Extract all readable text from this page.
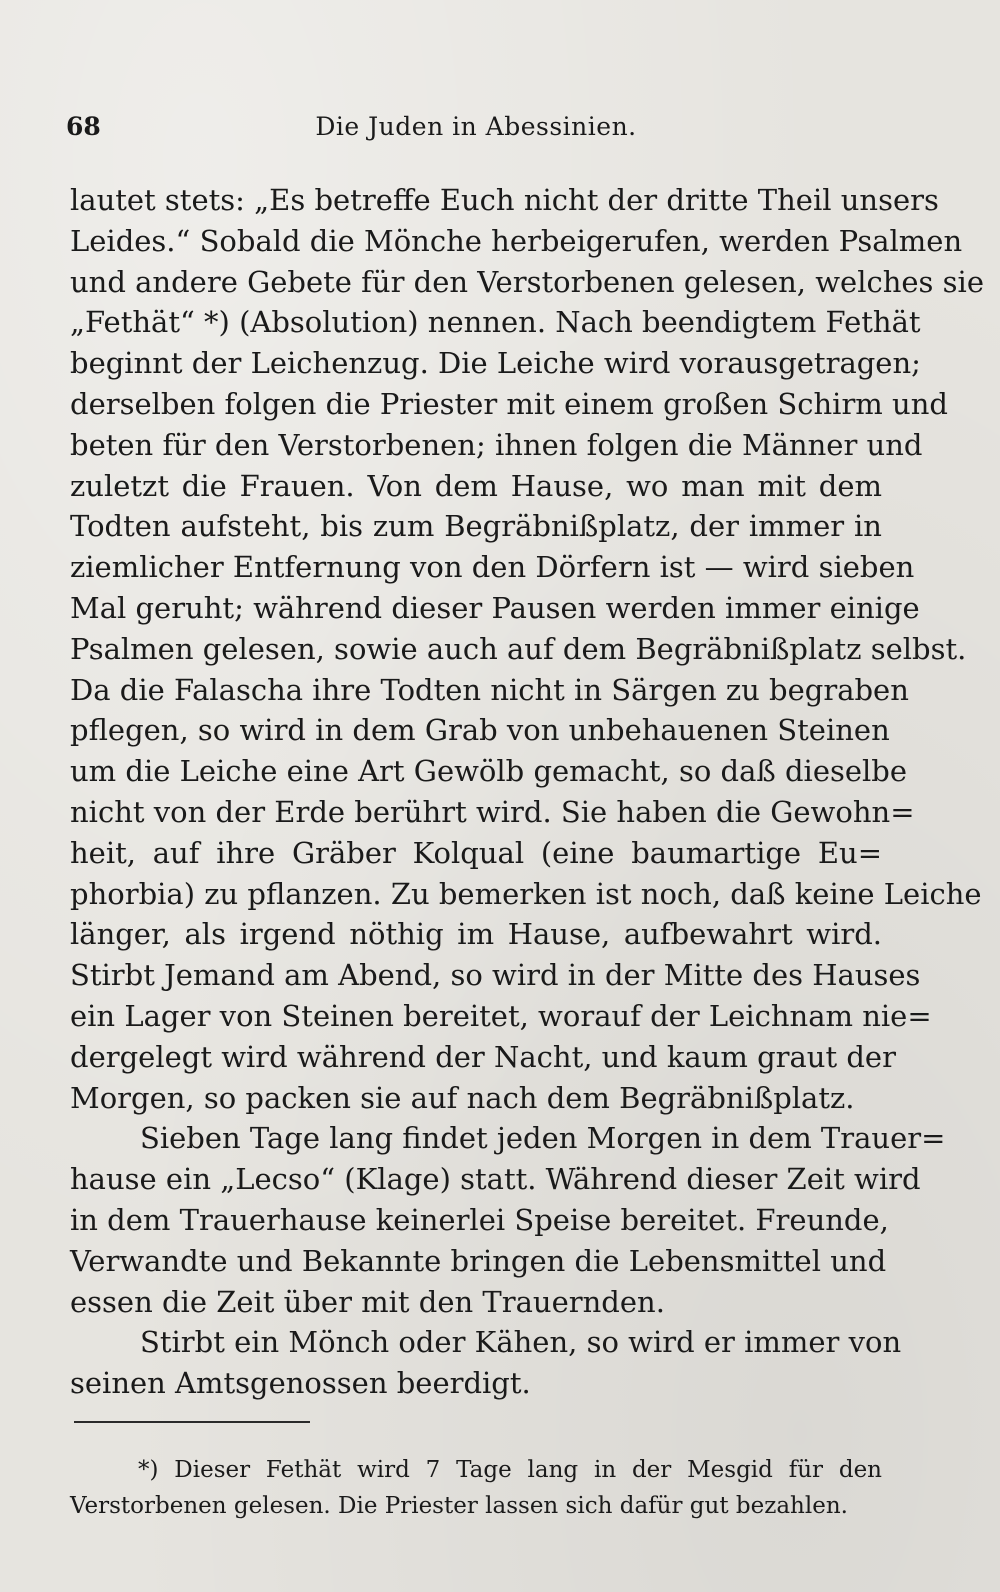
68	Die Juden in Abessinien.
lautet stets: „Es betreffe Euch nicht der dritte Theil unsers
Leides.“ Sobald die Mönche herbeigerufen, werden Psalmen
und andere Gebete für den Verstorbenen gelesen, welches sie
„Fethät“ *) (Absolution) nennen. Nach beendigtem Fethät
beginnt der Leichenzug. Die Leiche wird vorausgetragen;
derselben folgen die Priester mit einem großen Schirm und
beten für den Verstorbenen; ihnen folgen die Männer und
zuletzt die Frauen. Von dem Hause, wo man mit dem
Todten aufsteht, bis zum Begräbnißplatz, der immer in
ziemlicher Entfernung von den Dörfern ist — wird sieben
Mal geruht; während dieser Pausen werden immer einige
Psalmen gelesen, sowie auch auf dem Begräbnißplatz selbst.
Da die Falascha ihre Todten nicht in Särgen zu begraben
pflegen, so wird in dem Grab von unbehauenen Steinen
um die Leiche eine Art Gewölb gemacht, so daß dieselbe
nicht von der Erde berührt wird. Sie haben die Gewohn=
heit, auf ihre Gräber Kolqual (eine baumartige Eu=
phorbia) zu pflanzen. Zu bemerken ist noch, daß keine Leiche
länger, als irgend nöthig im Hause, aufbewahrt wird.
Stirbt Jemand am Abend, so wird in der Mitte des Hauses
ein Lager von Steinen bereitet, worauf der Leichnam nie=
dergelegt wird während der Nacht, und kaum graut der
Morgen, so packen sie auf nach dem Begräbnißplatz.
Sieben Tage lang findet jeden Morgen in dem Trauer=
hause ein „Lecso“ (Klage) statt. Während dieser Zeit wird
in dem Trauerhause keinerlei Speise bereitet. Freunde,
Verwandte und Bekannte bringen die Lebensmittel und
essen die Zeit über mit den Trauernden.
Stirbt ein Mönch oder Kähen, so wird er immer von
seinen Amtsgenossen beerdigt.
*) Dieser Fethät wird 7 Tage lang in der Mesgid für den
Verstorbenen gelesen. Die Priester lassen sich dafür gut bezahlen.
